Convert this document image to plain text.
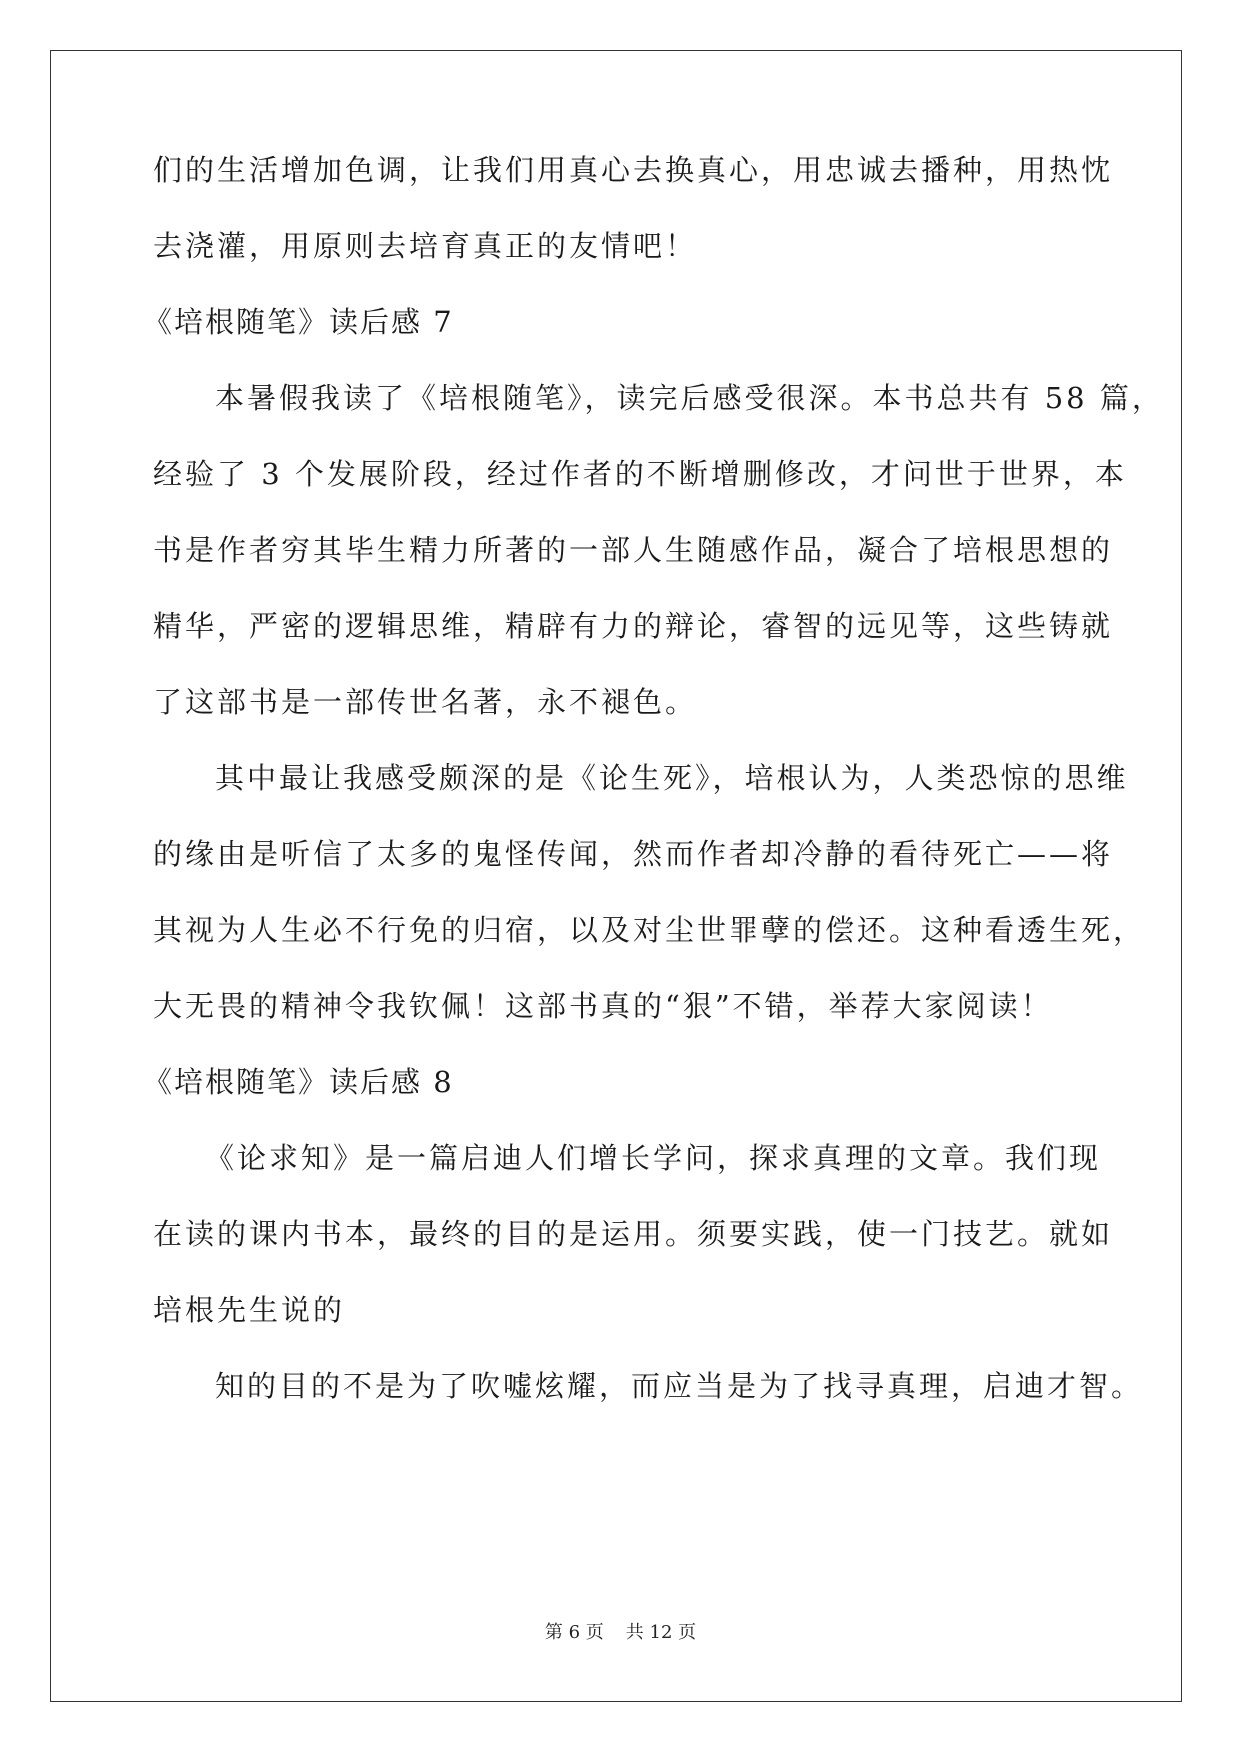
们的生活增加色调，让我们用真心去换真心，用忠诚去播种，用热忱
去浇灌，用原则去培育真正的友情吧！
《培根随笔》读后感 7
本暑假我读了《培根随笔》，读完后感受很深。本书总共有 58 篇，
经验了 3 个发展阶段，经过作者的不断增删修改，才问世于世界，本
书是作者穷其毕生精力所著的一部人生随感作品，凝合了培根思想的
精华，严密的逻辑思维，精辟有力的辩论，睿智的远见等，这些铸就
了这部书是一部传世名著，永不褪色。
其中最让我感受颇深的是《论生死》，培根认为，人类恐惊的思维
的缘由是听信了太多的鬼怪传闻，然而作者却冷静的看待死亡——将
其视为人生必不行免的归宿，以及对尘世罪孽的偿还。这种看透生死，
大无畏的精神令我钦佩！这部书真的“狠”不错，举荐大家阅读！
《培根随笔》读后感 8
《论求知》是一篇启迪人们增长学问，探求真理的文章。我们现
在读的课内书本，最终的目的是运用。须要实践，使一门技艺。就如
培根先生说的
知的目的不是为了吹嘘炫耀，而应当是为了找寻真理，启迪才智。
第 6 页 共 12 页
